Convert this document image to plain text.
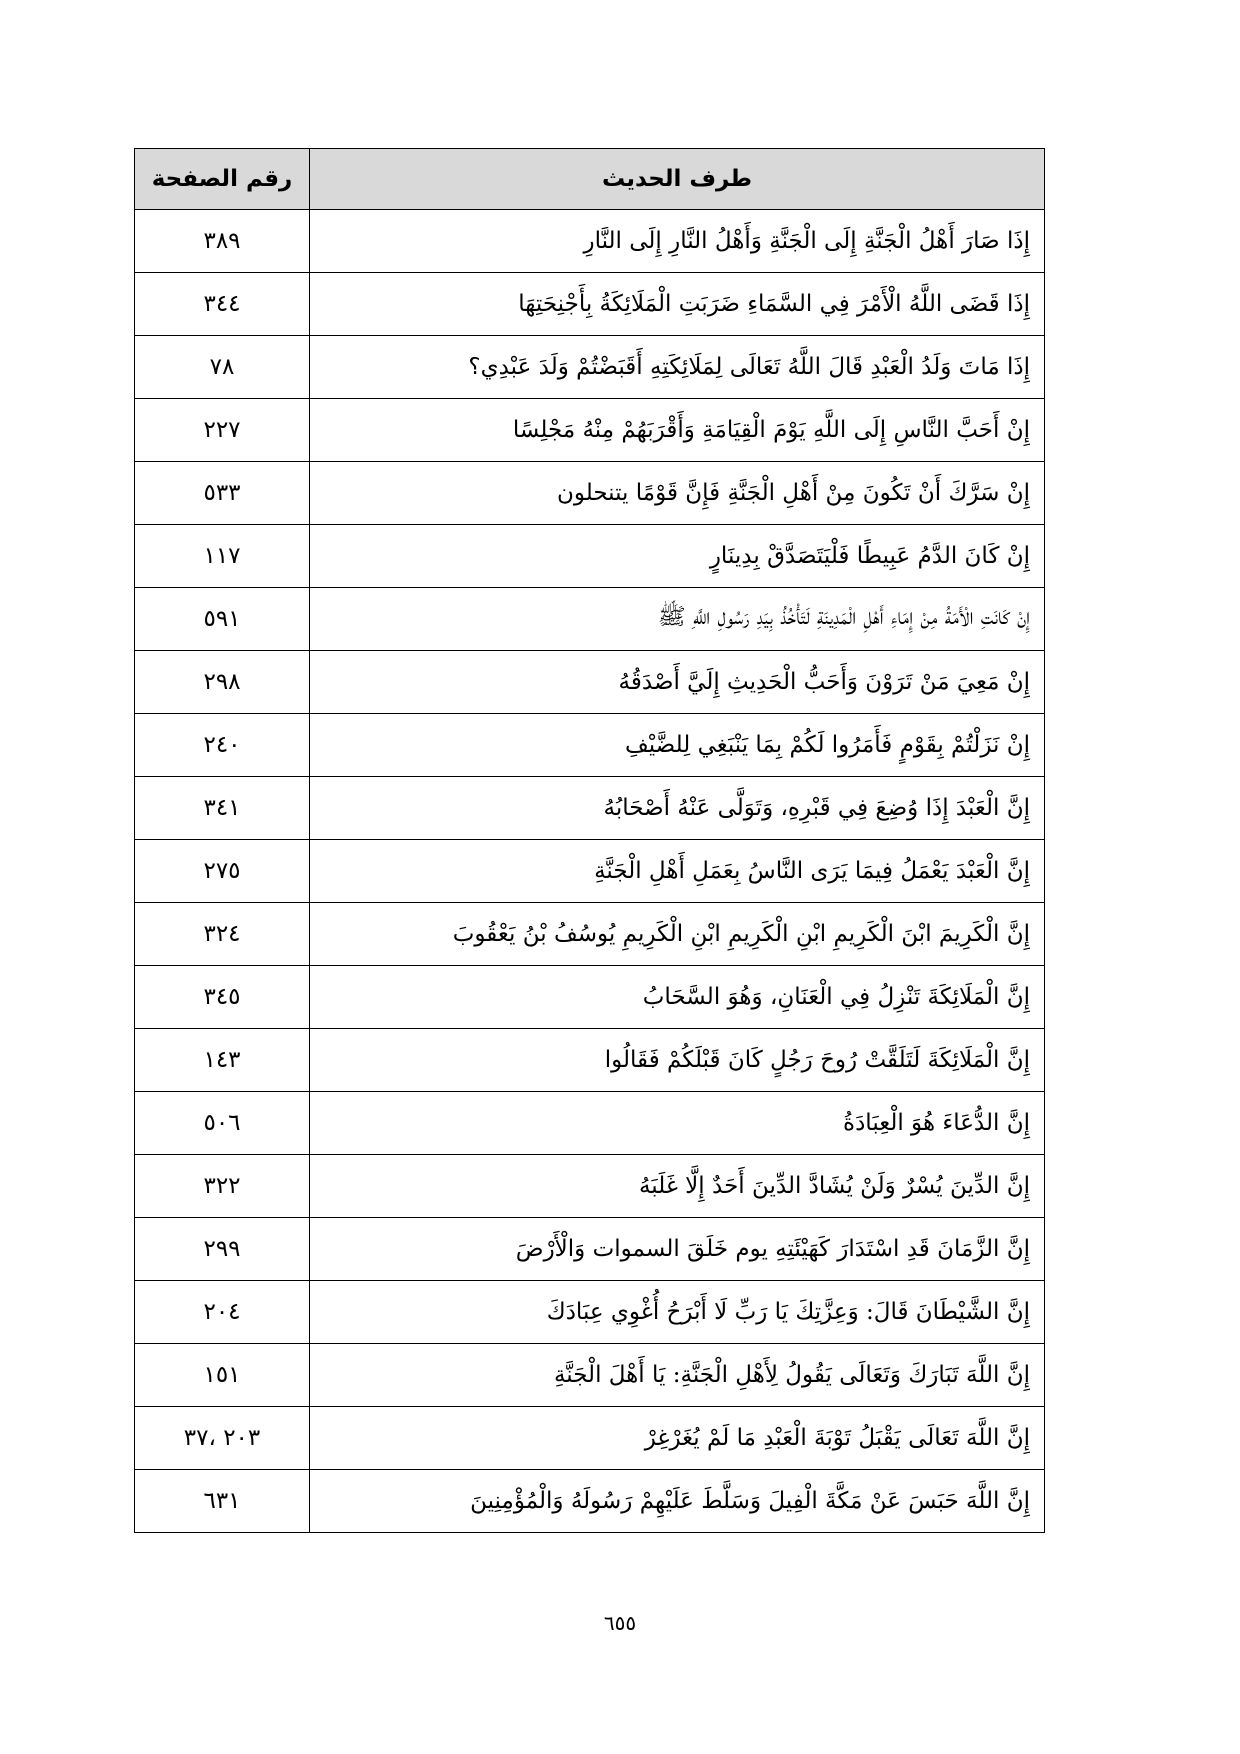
طرف الحديث	رقم الصفحة
إِذَا صَارَ أَهْلُ الْجَنَّةِ إِلَى الْجَنَّةِ وَأَهْلُ النَّارِ إِلَى النَّارِ	٣٨٩
إِذَا قَضَى اللَّهُ الْأَمْرَ فِي السَّمَاءِ ضَرَبَتِ الْمَلَائِكَةُ بِأَجْنِحَتِهَا	٣٤٤
إِذَا مَاتَ وَلَدُ الْعَبْدِ قَالَ اللَّهُ تَعَالَى لِمَلَائِكَتِهِ أَقَبَضْتُمْ وَلَدَ عَبْدِي؟	٧٨
إِنْ أَحَبَّ النَّاسِ إِلَى اللَّهِ يَوْمَ الْقِيَامَةِ وَأَقْرَبَهُمْ مِنْهُ مَجْلِسًا	٢٢٧
إِنْ سَرَّكَ أَنْ تَكُونَ مِنْ أَهْلِ الْجَنَّةِ فَإِنَّ قَوْمًا يتنحلون	٥٣٣
إِنْ كَانَ الدَّمُ عَبِيطًا فَلْيَتَصَدَّقْ بِدِينَارٍ	١١٧
إِنْ كَانَتِ الْأَمَةُ مِنْ إِمَاءِ أَهْلِ الْمَدِينَةِ لَتَأْخُذُ بِيَدِ رَسُولِ اللَّهِ ﷺ	٥٩١
إِنْ مَعِيَ مَنْ تَرَوْنَ وَأَحَبُّ الْحَدِيثِ إِلَيَّ أَصْدَقُهُ	٢٩٨
إِنْ نَزَلْتُمْ بِقَوْمٍ فَأَمَرُوا لَكُمْ بِمَا يَنْبَغِي لِلضَّيْفِ	٢٤٠
إِنَّ الْعَبْدَ إِذَا وُضِعَ فِي قَبْرِهِ، وَتَوَلَّى عَنْهُ أَصْحَابُهُ	٣٤١
إِنَّ الْعَبْدَ يَعْمَلُ فِيمَا يَرَى النَّاسُ بِعَمَلِ أَهْلِ الْجَنَّةِ	٢٧٥
إِنَّ الْكَرِيمَ ابْنَ الْكَرِيمِ ابْنِ الْكَرِيمِ ابْنِ الْكَرِيمِ يُوسُفُ بْنُ يَعْقُوبَ	٣٢٤
إِنَّ الْمَلَائِكَةَ تَنْزِلُ فِي الْعَنَانِ، وَهُوَ السَّحَابُ	٣٤٥
إِنَّ الْمَلَائِكَةَ لَتَلَقَّتْ رُوحَ رَجُلٍ كَانَ قَبْلَكُمْ فَقَالُوا	١٤٣
إِنَّ الدُّعَاءَ هُوَ الْعِبَادَةُ	٥٠٦
إِنَّ الدِّينَ يُسْرٌ وَلَنْ يُشَادَّ الدِّينَ أَحَدٌ إِلَّا غَلَبَهُ	٣٢٢
إِنَّ الزَّمَانَ قَدِ اسْتَدَارَ كَهَيْئَتِهِ يوم خَلَقَ السموات وَالْأَرْضَ	٢٩٩
إِنَّ الشَّيْطَانَ قَالَ: وَعِزَّتِكَ يَا رَبِّ لَا أَبْرَحُ أُغْوِي عِبَادَكَ	٢٠٤
إِنَّ اللَّهَ تَبَارَكَ وَتَعَالَى يَقُولُ لِأَهْلِ الْجَنَّةِ: يَا أَهْلَ الْجَنَّةِ	١٥١
إِنَّ اللَّهَ تَعَالَى يَقْبَلُ تَوْبَةَ الْعَبْدِ مَا لَمْ يُغَرْغِرْ	٢٠٣ ،٣٧
إِنَّ اللَّهَ حَبَسَ عَنْ مَكَّةَ الْفِيلَ وَسَلَّطَ عَلَيْهِمْ رَسُولَهُ وَالْمُؤْمِنِينَ	٦٣١
٦٥٥
